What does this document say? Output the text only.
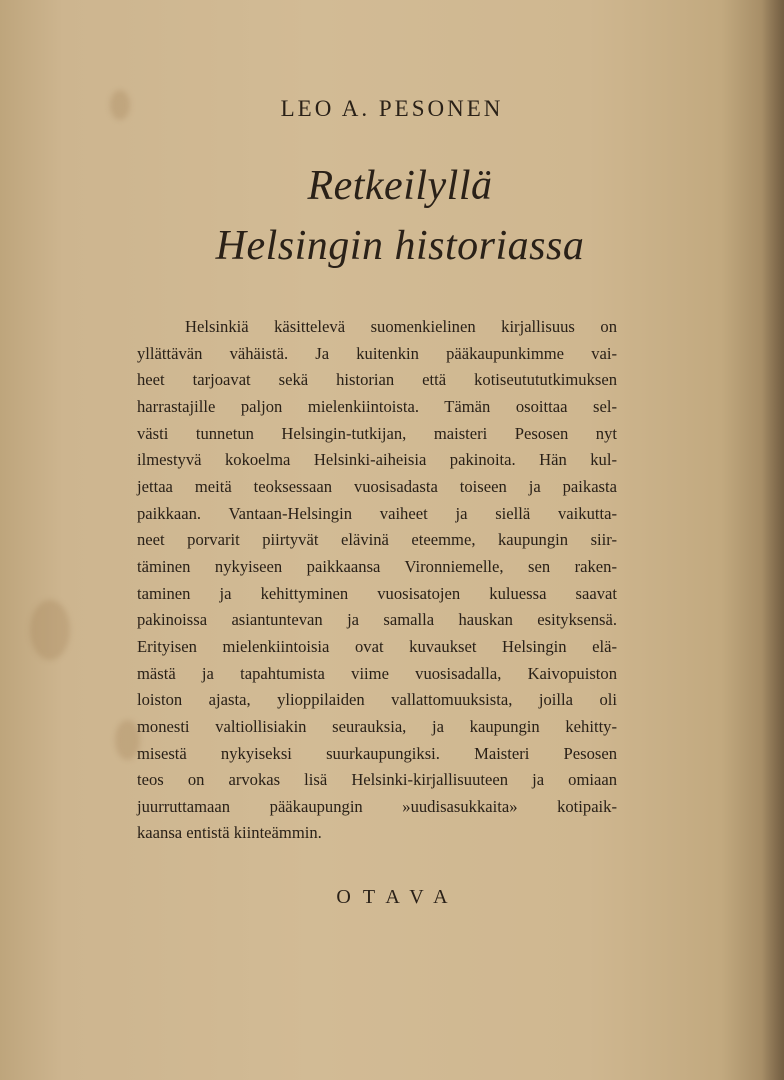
LEO A. PESONEN
Retkeilyllä
Helsingin historiassa
Helsinkiä käsittelevä suomenkielinen kirjallisuus on
yllättävän vähäistä. Ja kuitenkin pääkaupunkimme vai-
heet tarjoavat sekä historian että kotiseutututkimuksen
harrastajille paljon mielenkiintoista. Tämän osoittaa sel-
västi tunnetun Helsingin-tutkijan, maisteri Pesosen nyt
ilmestyvä kokoelma Helsinki-aiheisia pakinoita. Hän kul-
jettaa meitä teoksessaan vuosisadasta toiseen ja paikasta
paikkaan. Vantaan-Helsingin vaiheet ja siellä vaikutta-
neet porvarit piirtyvät elävinä eteemme, kaupungin siir-
täminen nykyiseen paikkaansa Vironniemelle, sen raken-
taminen ja kehittyminen vuosisatojen kuluessa saavat
pakinoissa asiantuntevan ja samalla hauskan esityksensä.
Erityisen mielenkiintoisia ovat kuvaukset Helsingin elä-
mästä ja tapahtumista viime vuosisadalla, Kaivopuiston
loiston ajasta, ylioppilaiden vallattomuuksista, joilla oli
monesti valtiollisiakin seurauksia, ja kaupungin kehitty-
misestä nykyiseksi suurkaupungiksi. Maisteri Pesosen
teos on arvokas lisä Helsinki-kirjallisuuteen ja omiaan
juurruttamaan pääkaupungin »uudisasukkaita» kotipaik-
kaansa entistä kiinteämmin.
OTAVA
